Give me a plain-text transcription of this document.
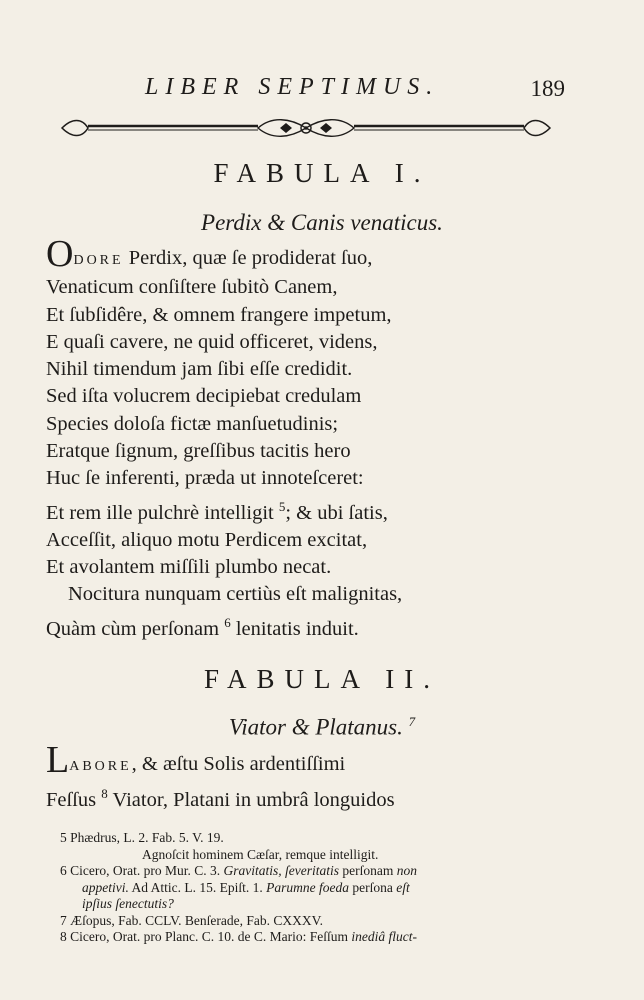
LIBER SEPTIMUS.	189
FABULA I.
Perdix & Canis venaticus.
ODORE Perdix, quæ ſe prodiderat ſuo,
Venaticum conſiſtere ſubitò Canem,
Et ſubſidêre, & omnem frangere impetum,
E quaſi cavere, ne quid officeret, videns,
Nihil timendum jam ſibi eſſe credidit.
Sed iſta volucrem decipiebat credulam
Species doloſa fictæ manſuetudinis;
Eratque ſignum, greſſibus tacitis hero
Huc ſe inferenti, præda ut innoteſceret:
Et rem ille pulchrè intelligit $^5$; & ubi ſatis,
Acceſſit, aliquo motu Perdicem excitat,
Et avolantem miſſili plumbo necat.
Nocitura nunquam certiùs eſt malignitas,
Quàm cùm perſonam $^6$ lenitatis induit.
FABULA II.
Viator & Platanus. $^7$
LABORE, & æſtu Solis ardentiſſimi
Feſſus $^8$ Viator, Platani in umbrâ longuidos
5 Phædrus, L. 2. Fab. 5. V. 19.
Agnoſcit hominem Cæſar, remque intelligit.
6 Cicero, Orat. pro Mur. C. 3. Gravitatis, ſeveritatis perſonam non
appetivi. Ad Attic. L. 15. Epiſt. 1. Parumne foeda perſona eſt
ipſius ſenectutis?
7 Æſopus, Fab. CCLV. Benſerade, Fab. CXXXV.
8 Cicero, Orat. pro Planc. C. 10. de C. Mario: Feſſum inediâ fluct-
